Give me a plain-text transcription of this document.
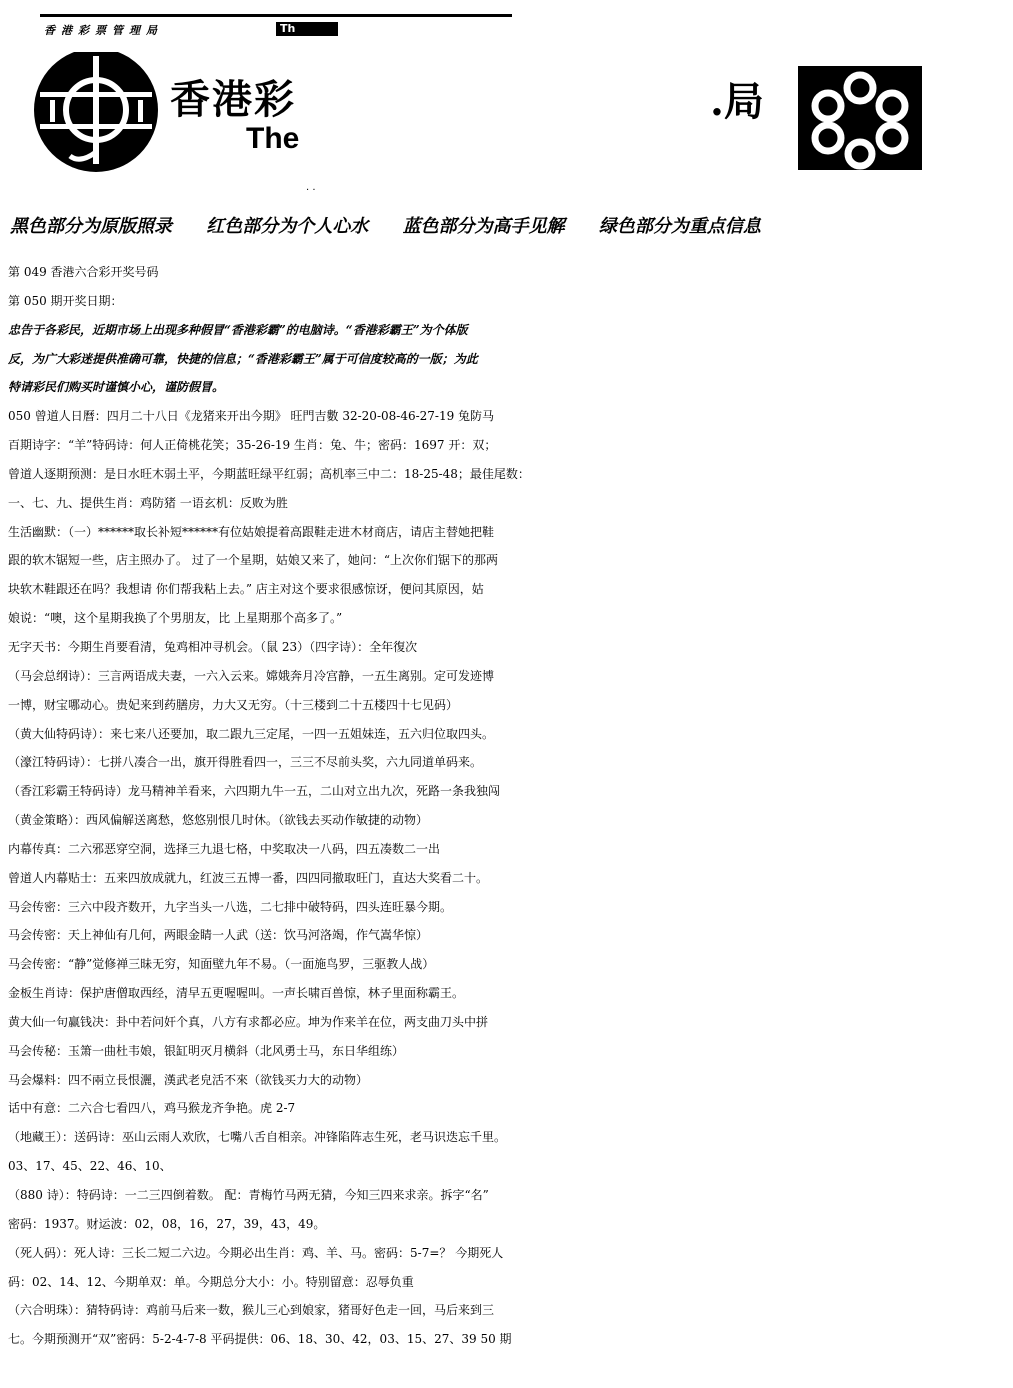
香港彩票管理局	Th
香港彩	.局
The
. .
黑色部分为原版照录 红色部分为个人心水 蓝色部分为高手见解 绿色部分为重点信息
第 049 香港六合彩开奖号码
第 050 期开奖日期：
忠告于各彩民，近期市场上出现多种假冒“香港彩霸”的电脑诗。“香港彩霸王”为个体版
反，为广大彩迷提供准确可靠，快捷的信息；“香港彩霸王”属于可信度较高的一版；为此
特请彩民们购买时谨慎小心，谨防假冒。
050 曾道人日曆：四月二十八日《龙猪来开出今期》 旺門吉數 32-20-08-46-27-19 兔防马
百期诗字：“羊”特码诗：何人正倚桃花笑；35-26-19 生肖：兔、牛；密码：1697 开：双；
曾道人逐期预测：是日水旺木弱土平，今期蓝旺绿平红弱；高机率三中二：18-25-48；最佳尾数：
一、七、九、提供生肖：鸡防猪 一语玄机：反败为胜
生活幽默：（一）******取长补短******有位姑娘提着高跟鞋走进木材商店，请店主替她把鞋
跟的软木锯短一些，店主照办了。 过了一个星期，姑娘又来了，她问：“上次你们锯下的那两
块软木鞋跟还在吗？我想请 你们帮我粘上去。” 店主对这个要求很感惊讶，便问其原因，姑
娘说：“噢，这个星期我换了个男朋友，比 上星期那个高多了。”
无字天书：今期生肖要看清，兔鸡相冲寻机会。（鼠 23）（四字诗）：全年復次
（马会总纲诗）：三言两语成夫妻，一六入云来。嫦娥奔月冷宫静，一五生离别。定可发迹博
一博，财宝哪动心。贵妃来到药膳房，力大又无穷。（十三楼到二十五楼四十七见码）
（黄大仙特码诗）：来七来八还要加，取二跟九三定尾，一四一五姐妹连，五六归位取四头。
（濠江特码诗）：七拼八凑合一出，旗开得胜看四一，三三不尽前头奖，六九同道单码来。
（香江彩霸王特码诗）龙马精神羊看来，六四期九牛一五，二山对立出九次，死路一条我独闯
（黄金策略）：西风偏解送离愁，悠悠别恨几时休。（欲钱去买动作敏捷的动物）
内幕传真：二六邪恶穿空洞，选择三九退七格，中奖取决一八码，四五凑数二一出
曾道人内幕贴士：五来四放成就九，红波三五博一番，四四同撤取旺门，直达大奖看二十。
马会传密：三六中段齐数开，九字当头一八选，二七排中破特码，四头连旺暴今期。
马会传密：天上神仙有几何，两眼金睛一人武（送：饮马河洛竭，作气嵩华惊）
马会传密：“静”觉修禅三昧无穷，知面壁九年不易。（一面施鸟罗，三驱教人战）
金板生肖诗：保护唐僧取西经，清早五更喔喔叫。一声长啸百兽惊，林子里面称霸王。
黄大仙一句赢钱决：卦中若问奸个真，八方有求都必应。坤为作来羊在位，两支曲刀头中拼
马会传秘：玉箫一曲杜韦娘，银缸明灭月横斜（北风勇士马，东日华组练）
马会爆料：四不兩立長恨灑，漢武老皃活不來（欲钱买力大的动物）
话中有意：二六合七看四八，鸡马猴龙齐争艳。虎 2-7
（地藏王）：送码诗：巫山云雨人欢欣，七嘴八舌自相亲。冲锋陷阵志生死，老马识迭忘千里。
03、17、45、22、46、10、
（880 诗）：特码诗：一二三四倒着数。 配：青梅竹马两无猜，今知三四来求亲。拆字“名”
密码：1937。财运波：02，08，16，27，39，43，49。
（死人码）：死人诗：三长二短二六边。今期必出生肖：鸡、羊、马。密码：5-7=？ 今期死人
码：02、14、12、今期单双：单。今期总分大小：小。特别留意：忍辱负重
（六合明珠）：猜特码诗：鸡前马后来一数，猴儿三心到娘家，猪哥好色走一回，马后来到三
七。今期预测开“双”密码：5-2-4-7-8 平码提供：06、18、30、42，03、15、27、39 50 期
